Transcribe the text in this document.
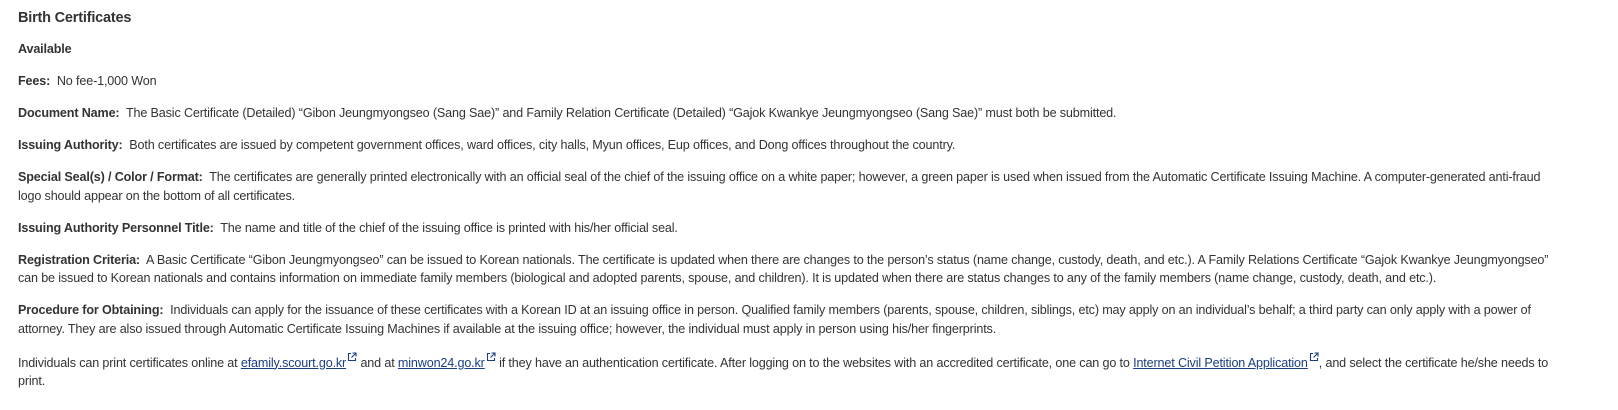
Birth Certificates
Available
Fees: No fee-1,000 Won
Document Name: The Basic Certificate (Detailed) “Gibon Jeungmyongseo (Sang Sae)” and Family Relation Certificate (Detailed) “Gajok Kwankye Jeungmyongseo (Sang Sae)” must both be submitted.
Issuing Authority: Both certificates are issued by competent government offices, ward offices, city halls, Myun offices, Eup offices, and Dong offices throughout the country.
Special Seal(s) / Color / Format: The certificates are generally printed electronically with an official seal of the chief of the issuing office on a white paper; however, a green paper is used when issued from the Automatic Certificate Issuing Machine. A computer-generated anti-fraud logo should appear on the bottom of all certificates.
Issuing Authority Personnel Title: The name and title of the chief of the issuing office is printed with his/her official seal.
Registration Criteria: A Basic Certificate “Gibon Jeungmyongseo” can be issued to Korean nationals. The certificate is updated when there are changes to the person’s status (name change, custody, death, and etc.). A Family Relations Certificate “Gajok Kwankye Jeungmyongseo” can be issued to Korean nationals and contains information on immediate family members (biological and adopted parents, spouse, and children). It is updated when there are status changes to any of the family members (name change, custody, death, and etc.).
Procedure for Obtaining: Individuals can apply for the issuance of these certificates with a Korean ID at an issuing office in person. Qualified family members (parents, spouse, children, siblings, etc) may apply on an individual’s behalf; a third party can only apply with a power of attorney. They are also issued through Automatic Certificate Issuing Machines if available at the issuing office; however, the individual must apply in person using his/her fingerprints.
Individuals can print certificates online at efamily.scourt.go.kr and at minwon24.go.kr if they have an authentication certificate. After logging on to the websites with an accredited certificate, one can go to Internet Civil Petition Application , and select the certificate he/she needs to print.
